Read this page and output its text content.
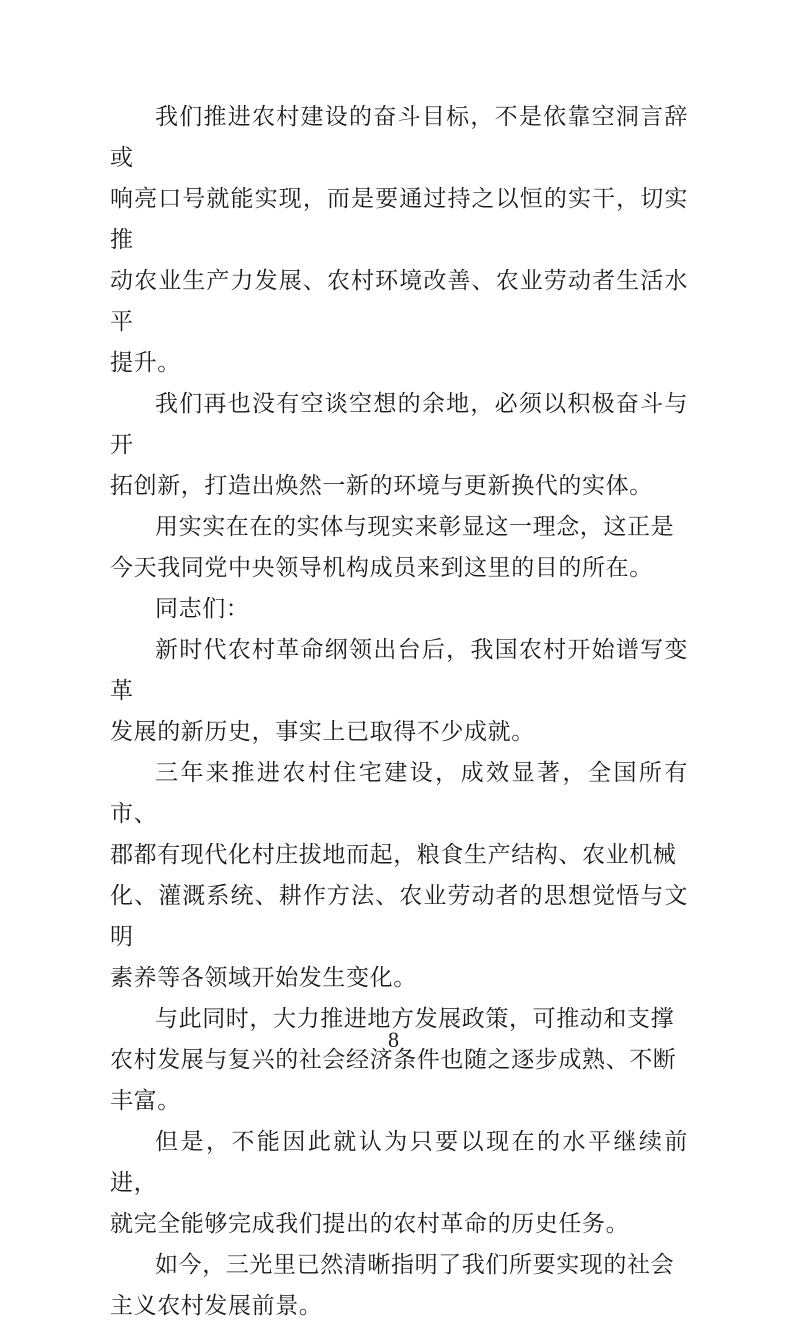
我们推进农村建设的奋斗目标，不是依靠空洞言辞或
响亮口号就能实现，而是要通过持之以恒的实干，切实推
动农业生产力发展、农村环境改善、农业劳动者生活水平
提升。

我们再也没有空谈空想的余地，必须以积极奋斗与开
拓创新，打造出焕然一新的环境与更新换代的实体。

用实实在在的实体与现实来彰显这一理念，这正是
今天我同党中央领导机构成员来到这里的目的所在。

同志们：

新时代农村革命纲领出台后，我国农村开始谱写变革
发展的新历史，事实上已取得不少成就。

三年来推进农村住宅建设，成效显著，全国所有市、
郡都有现代化村庄拔地而起，粮食生产结构、农业机械
化、灌溉系统、耕作方法、农业劳动者的思想觉悟与文明
素养等各领域开始发生变化。

与此同时，大力推进地方发展政策，可推动和支撑
农村发展与复兴的社会经济条件也随之逐步成熟、不断
丰富。

但是，不能因此就认为只要以现在的水平继续前进，
就完全能够完成我们提出的农村革命的历史任务。

如今，三光里已然清晰指明了我们所要实现的社会
主义农村发展前景。

8
